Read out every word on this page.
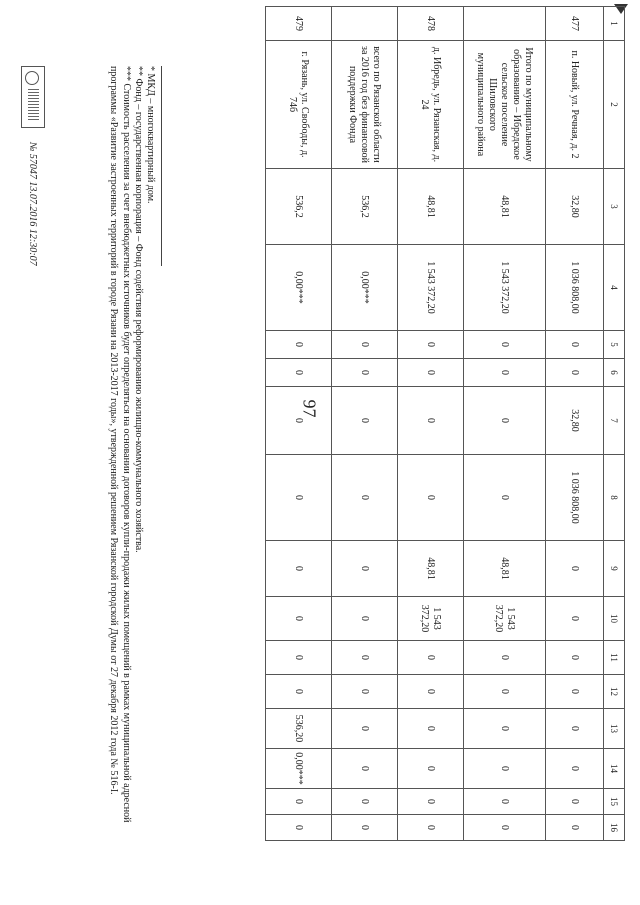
97
1	2	3	4	5	6	7	8	9	10	11	12	13	14	15	16
477	п. Новый, ул. Речная, д. 2	32,80	1 036 808,00	0	0	32,80	1 036 808,00	0	0	0	0	0	0	0	0
	Итого по муниципальному образованию – Ибредское сельское поселение Шиловского муниципального района	48,81	1 543 372,20	0	0	0	0	48,81	1 543 372,20	0	0	0	0	0	0
478	д. Ибредь, ул. Рязанская, д. 24	48,81	1 543 372,20	0	0	0	0	48,81	1 543 372,20	0	0	0	0	0	0
	всего по Рязанской области за 2016 год без финансовой поддержки Фонда	536,2	0,00***	0	0	0	0	0	0	0	0	0	0	0	0
479	г. Рязань, ул. Свободы, д. 74б	536,2	0,00***	0	0	0	0	0	0	0	0	536,20	0,00***	0	0
* МКД – многоквартирный дом.
** Фонд – государственная корпорация – Фонд содействия реформированию жилищно-коммунального хозяйства.
*** Стоимость расселения за счет внебюджетных источников будет определяться на основании договоров купли-продажи жилых помещений в рамках муниципальной адресной программы «Развитие застроенных территорий в городе Рязани на 2013-2017 годы», утвержденной решением Рязанской городской Думы от 27 декабря 2012 года № 516-I.
№ 57047 13.07.2016 12:30:07
